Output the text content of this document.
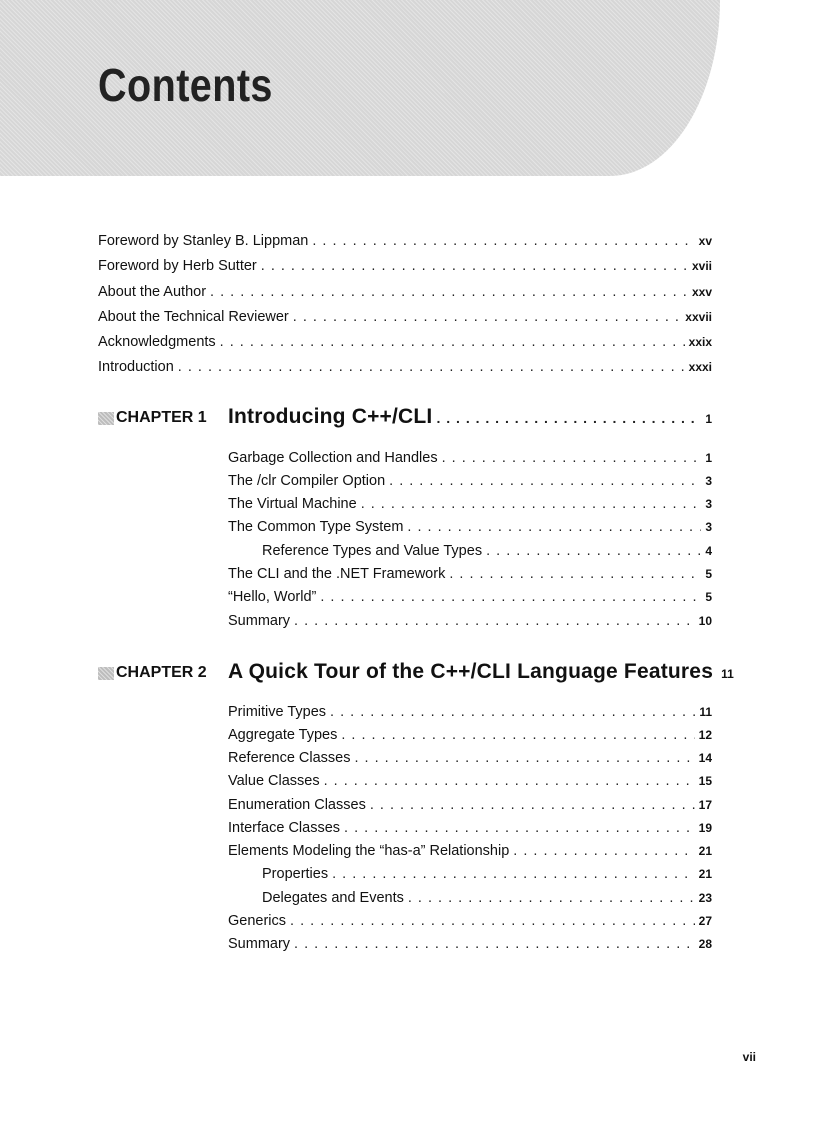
Contents
Foreword by Stanley B. Lippman . . .	xv
Foreword by Herb Sutter . . .	xvii
About the Author . . .	xxv
About the Technical Reviewer . . .	xxvii
Acknowledgments . . .	xxix
Introduction . . .	xxxi
CHAPTER 1 Introducing C++/CLI . . .	1
Garbage Collection and Handles . . .	1
The /clr Compiler Option . . .	3
The Virtual Machine . . .	3
The Common Type System . . .	3
Reference Types and Value Types . . .	4
The CLI and the .NET Framework . . .	5
“Hello, World” . . .	5
Summary . . .	10
CHAPTER 2 A Quick Tour of the C++/CLI Language Features 11
Primitive Types . . .	11
Aggregate Types . . .	12
Reference Classes . . .	14
Value Classes . . .	15
Enumeration Classes . . .	17
Interface Classes . . .	19
Elements Modeling the “has-a” Relationship . . .	21
Properties . . .	21
Delegates and Events . . .	23
Generics . . .	27
Summary . . .	28
vii
